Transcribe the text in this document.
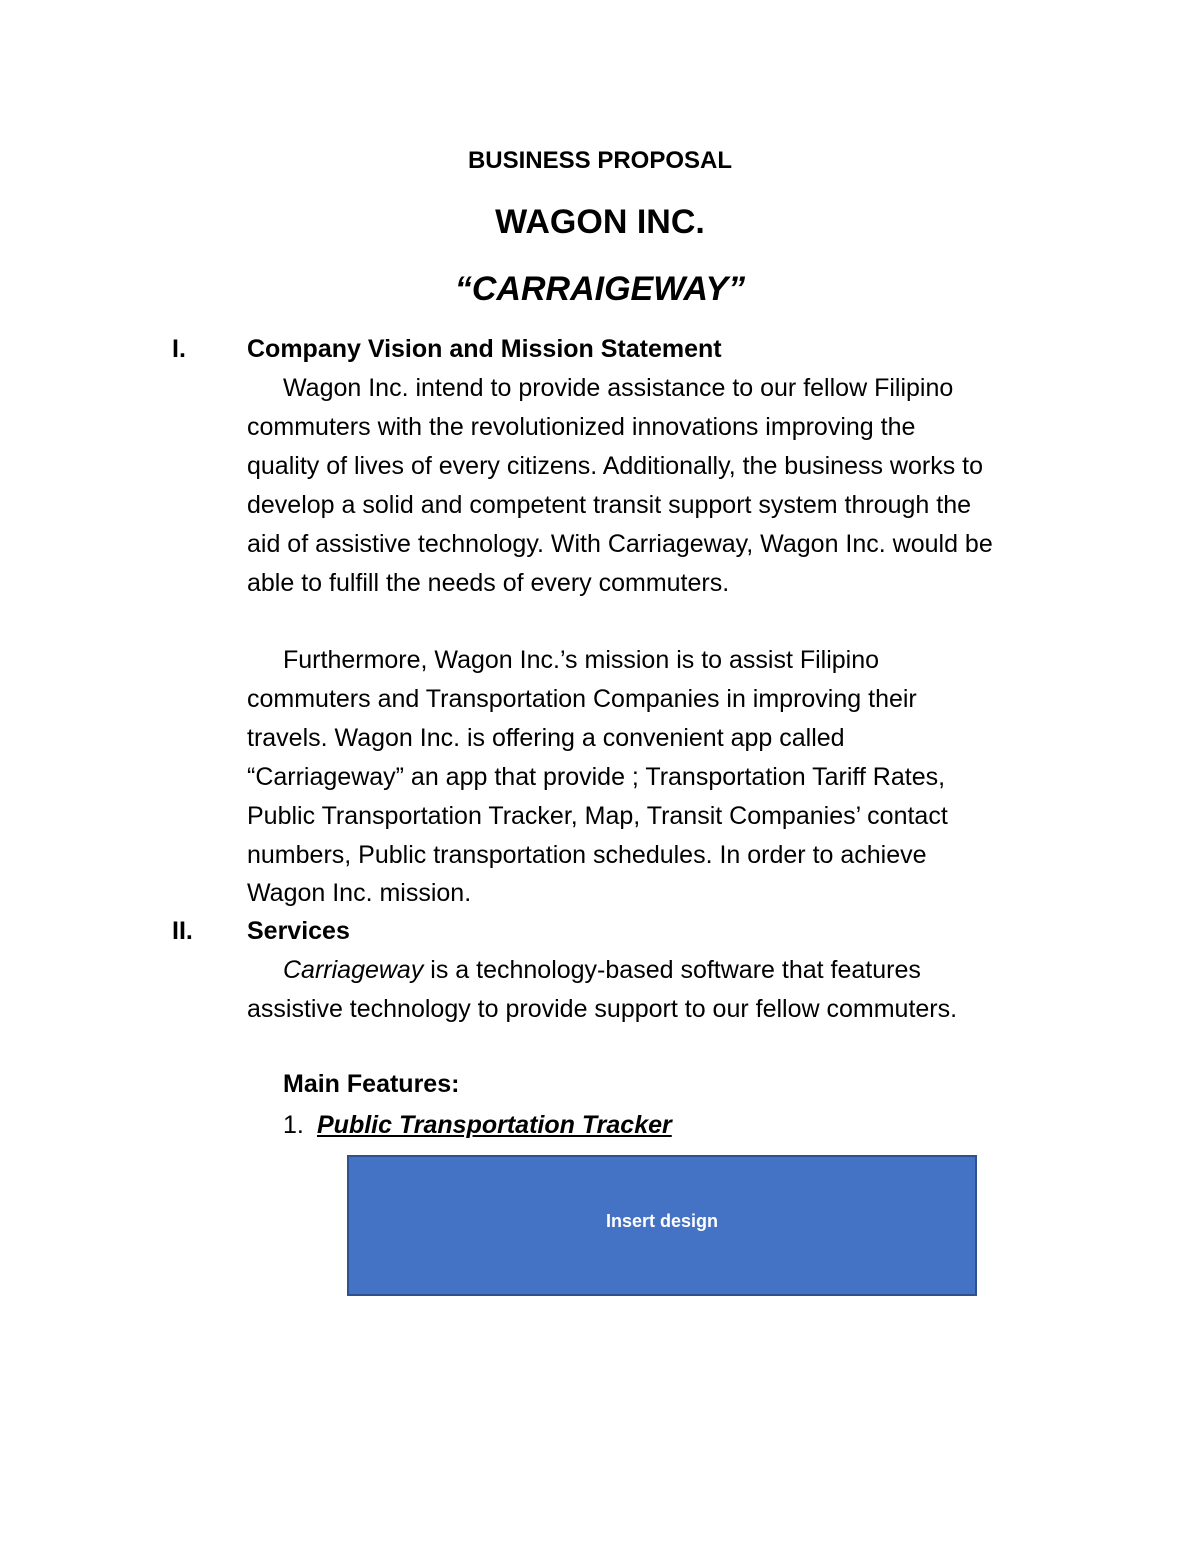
BUSINESS PROPOSAL
WAGON INC.
“CARRAIGEWAY”
I. Company Vision and Mission Statement
Wagon Inc. intend to provide assistance to our fellow Filipino
commuters with the revolutionized innovations improving the
quality of lives of every citizens. Additionally, the business works to
develop a solid and competent transit support system through the
aid of assistive technology. With Carriageway, Wagon Inc. would be
able to fulfill the needs of every commuters.
Furthermore, Wagon Inc.’s mission is to assist Filipino
commuters and Transportation Companies in improving their
travels. Wagon Inc. is offering a convenient app called
“Carriageway” an app that provide ; Transportation Tariff Rates,
Public Transportation Tracker, Map, Transit Companies’ contact
numbers, Public transportation schedules. In order to achieve
Wagon Inc. mission.
II. Services
Carriageway is a technology-based software that features
assistive technology to provide support to our fellow commuters.
Main Features:
1. Public Transportation Tracker
Insert design
